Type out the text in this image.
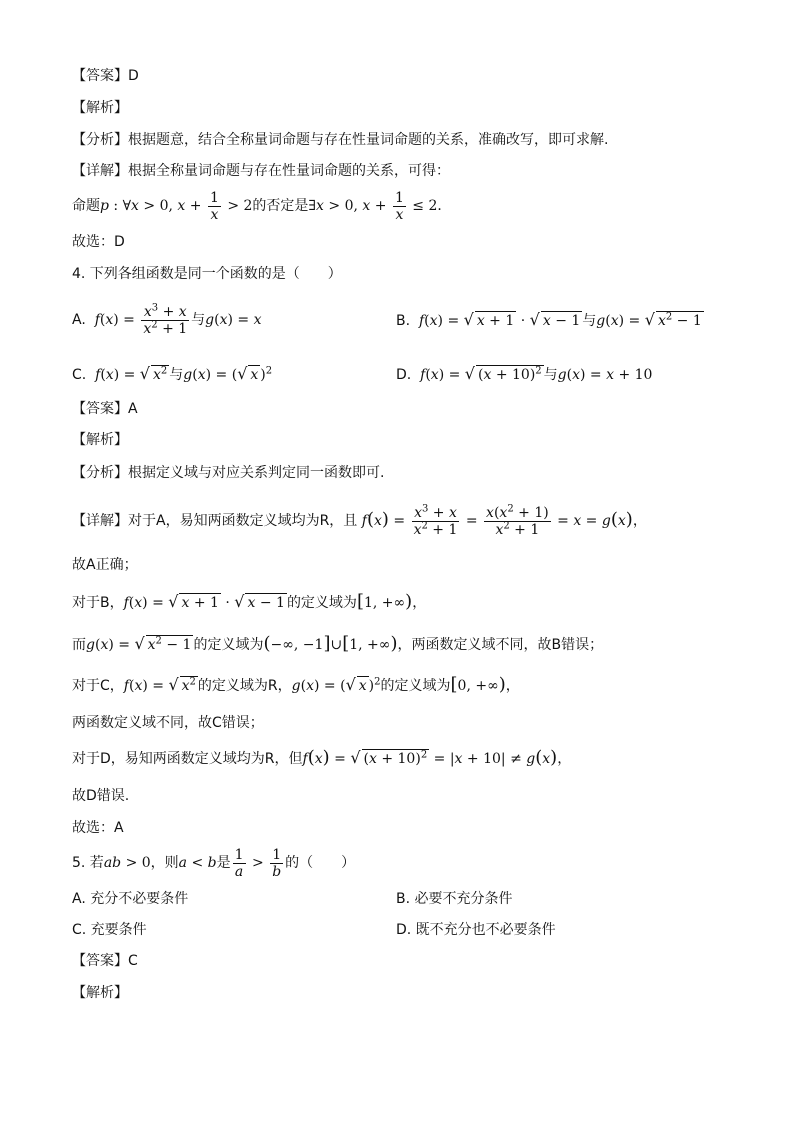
【答案】D
【解析】
【分析】根据题意，结合全称量词命题与存在性量词命题的关系，准确改写，即可求解.
【详解】根据全称量词命题与存在性量词命题的关系，可得：
命题p : ∀x > 0, $x + \frac{1}{x} > 2$的否定是∃x > 0, $x + \frac{1}{x} \le 2$．
故选：D
4. 下列各组函数是同一个函数的是（　　）
A. $f(x) = \frac{x^3 + x}{x^2 + 1}$ 与g(x) = x	B. f(x) = √ x + 1 · √ x − 1 与g(x) = √ $x^2 - 1$
C. f(x) = √ $x^2$ 与g(x) = (√ x )$^2$	D. f(x) = √ $(x + 10)^2$ 与g(x) = x + 10
【答案】A
【解析】
【分析】根据定义域与对应关系判定同一函数即可.
【详解】对于A，易知两函数定义域均为R，且 $f(x) = \frac{x^3 + x}{x^2 + 1} = \frac{x(x^2 + 1)}{x^2 + 1} = x = g(x)$，
故A正确；
对于B，f(x) = √ x + 1 · √ x − 1 的定义域为[1, +∞)，
而g(x) = √ $x^2 - 1$ 的定义域为(−∞, −1]∪[1, +∞)，两函数定义域不同，故B错误；
对于C，f(x) = √ $x^2$ 的定义域为R，g(x) = (√ x )$^2$的定义域为[0, +∞)，
两函数定义域不同，故C错误；
对于D，易知两函数定义域均为R，但f(x) = √ $(x + 10)^2 = |x + 10| \ne g(x)$，
故D错误.
故选：A
5. 若ab > 0，则a < b是 $\frac{1}{a} > \frac{1}{b}$ 的（　　）
A. 充分不必要条件	B. 必要不充分条件
C. 充要条件	D. 既不充分也不必要条件
【答案】C
【解析】
